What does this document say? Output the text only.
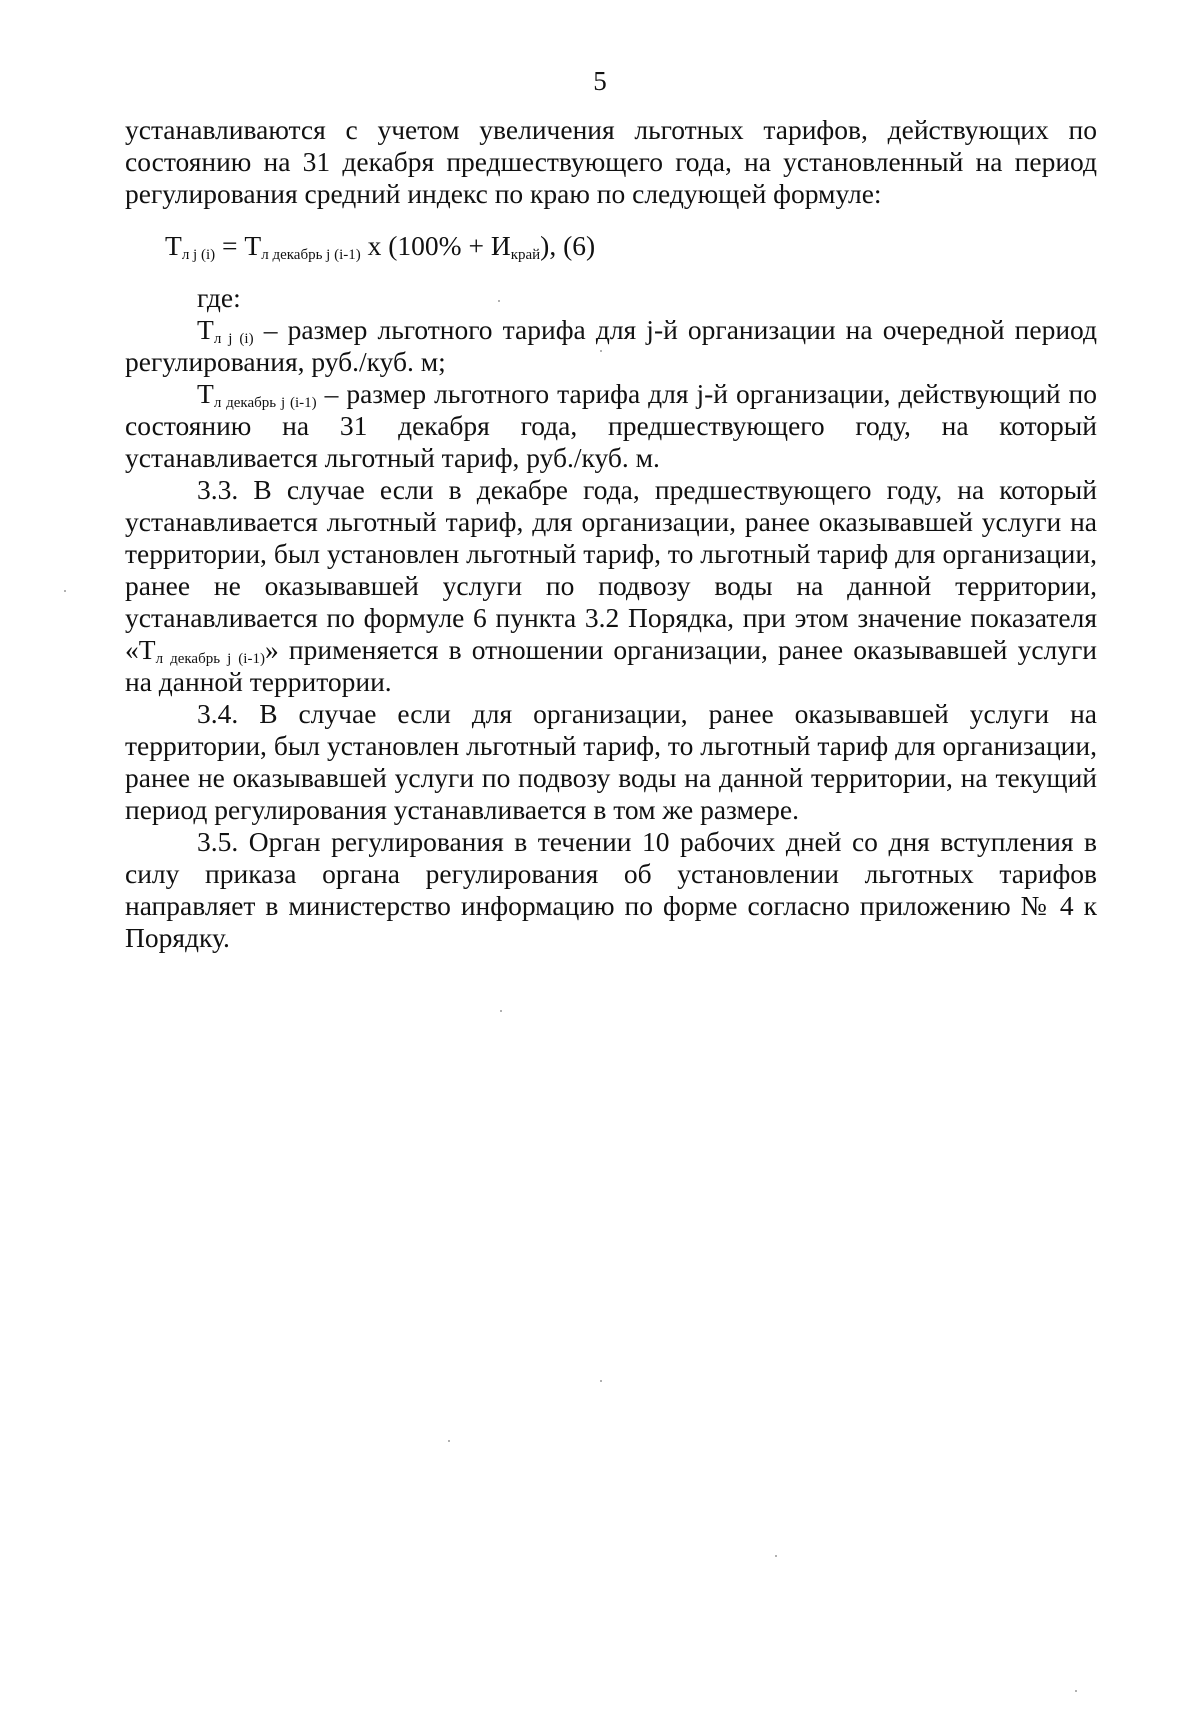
5

устанавливаются с учетом увеличения льготных тарифов, действующих по состоянию на 31 декабря предшествующего года, на установленный на период регулирования средний индекс по краю по следующей формуле:

$Т_{л j (i)} = Т_{л декабрь j (i-1)}$ х $(100\% + И_{край})$, (6)

где:

$Т_{л j (i)}$ – размер льготного тарифа для j-й организации на очередной период регулирования, руб./куб. м;

$Т_{л декабрь j (i-1)}$ – размер льготного тарифа для j-й организации, действующий по состоянию на 31 декабря года, предшествующего году, на который устанавливается льготный тариф, руб./куб. м.

3.3. В случае если в декабре года, предшествующего году, на который устанавливается льготный тариф, для организации, ранее оказывавшей услуги на территории, был установлен льготный тариф, то льготный тариф для организации, ранее не оказывавшей услуги по подвозу воды на данной территории, устанавливается по формуле 6 пункта 3.2 Порядка, при этом значение показателя «$Т_{л декабрь j (i-1)}$» применяется в отношении организации, ранее оказывавшей услуги на данной территории.

3.4. В случае если для организации, ранее оказывавшей услуги на территории, был установлен льготный тариф, то льготный тариф для организации, ранее не оказывавшей услуги по подвозу воды на данной территории, на текущий период регулирования устанавливается в том же размере.

3.5. Орган регулирования в течении 10 рабочих дней со дня вступления в силу приказа органа регулирования об установлении льготных тарифов направляет в министерство информацию по форме согласно приложению № 4 к Порядку.
